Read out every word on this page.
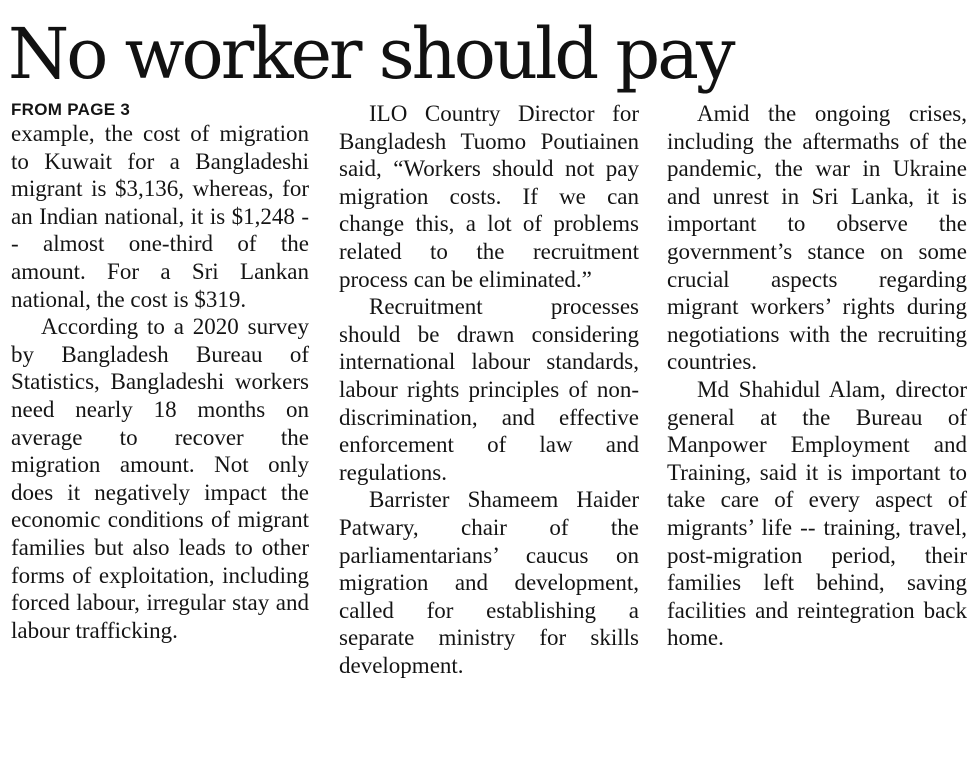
No worker should pay

FROM PAGE 3

example, the cost of migration to Kuwait for a Bangladeshi migrant is $3,136, whereas, for an Indian national, it is $1,248 -- almost one-third of the amount. For a Sri Lankan national, the cost is $319.

According to a 2020 survey by Bangladesh Bureau of Statistics, Bangladeshi workers need nearly 18 months on average to recover the migration amount. Not only does it negatively impact the economic conditions of migrant families but also leads to other forms of exploitation, including forced labour, irregular stay and labour trafficking.

ILO Country Director for Bangladesh Tuomo Poutiainen said, “Workers should not pay migration costs. If we can change this, a lot of problems related to the recruitment process can be eliminated.”

Recruitment processes should be drawn considering international labour standards, labour rights principles of non-discrimination, and effective enforcement of law and regulations.

Barrister Shameem Haider Patwary, chair of the parliamentarians’ caucus on migration and development, called for establishing a separate ministry for skills development.

Amid the ongoing crises, including the aftermaths of the pandemic, the war in Ukraine and unrest in Sri Lanka, it is important to observe the government’s stance on some crucial aspects regarding migrant workers’ rights during negotiations with the recruiting countries.

Md Shahidul Alam, director general at the Bureau of Manpower Employment and Training, said it is important to take care of every aspect of migrants’ life -- training, travel, post-migration period, their families left behind, saving facilities and reintegration back home.
